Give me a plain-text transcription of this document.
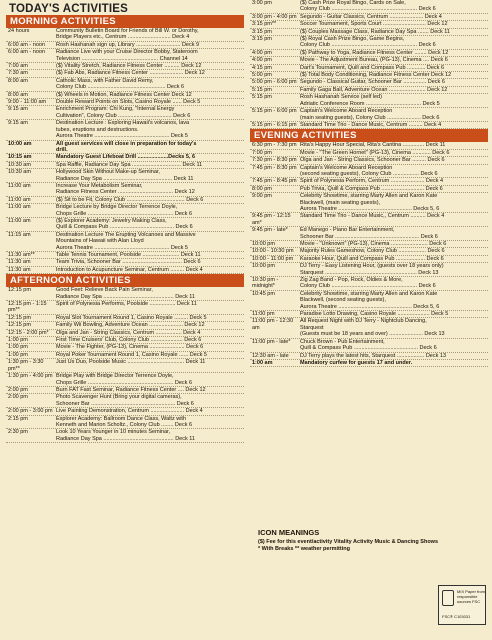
TODAY'S ACTIVITIES
MORNING ACTIVITIES
24 hours	Community Bulletin Board for Friends of Bill W. or Dorothy,
Bridge Players etc., Centrum ............................ Deck 4
6:00 am - noon	Rosh Hashanah sign up, Library ............................. Deck 9
6:00 am - noon	Radiance Live with your Cruise Director Bobby, Stateroom
Television .................................................. Channel 14
7:00 am	($) Vitality Stretch, Radiance Fitness Center .......... Deck 12
7:30 am	($) Fab Abs, Radiance Fitness Center ...................... Deck 12
8:00 am	Catholic Mass, with Father David Remy,
Colony Club ................................................... Deck 6
8:00 am	($) Wheels in Motion, Radiance Fitness Center Deck 12
9:00 - 11:00 am	Double Reward Points on Slots, Casino Royale ...... Deck 5
9:15 am	Enrichment Program: Chi Kung, "Internal Energy
Cultivation", Colony Club ................................... Deck 6
9:15 am	Destination Lecture : Exploring Hawaii's volcanos, lava
tubes, eruptions and destructions.
Aurora Theatre ................................................. Deck 5
10:00 am	All guest services will close in preparation for today's
drill.
10:15 am	Mandatory Guest Lifeboat Drill ....................Decks 5, 6
10:30 am	Spa Raffle, Radiance Day Spa ................................ Deck 11
10:30 am	Hollywood Skin Without Make-up Seminar,
Radiance Day Spa ............................................. Deck 11
11:00 am	Increase Your Metabolism Seminar,
Radiance Fitness Center .................................... Deck 12
11:00 am	($) Sit to be Fit, Colony Club ...................................... Deck 6
11:00 am	Bridge Lecture by Bridge Director Terrence Doyle,
Chops Grille ........................................................ Deck 6
11:00 am	($) Explorer Academy: Jewelry Making Class,
Quill & Compass Pub .......................................... Deck 6
11:15 am	Destination Lecture The Erupting Volcanoes and Massive
Mountains of Hawaii with Alan Lloyd
Aurora Theatre ................................................. Deck 5
11:30 am**	Table Tennis Tournament, Poolside ........................ Deck 11
11:30 am	Team Trivia, Schooner Bar ....................................... Deck 6
11:30 am	Introduction to Acupuncture Seminar, Centrum ......... Deck 4
AFTERNOON ACTIVITIES
12:15 pm	Good Feet: Relieve Back Pain Seminar,
Radiance Day Spa .............................................. Deck 11
12:15 pm - 1:15 pm**
Spirit of Polynesia Performs, Poolside ................. Deck 11
12:15 pm	Royal Slot Tournament Round 1, Casino Royale ......... Deck 5
12:15 pm	Family Wii Bowling, Adventure Ocean ...................... Deck 12
12:15 - 2:00 pm*	Olga and Jan - String Classics, Centrum ................. Deck 4
1:00 pm	First Time Cruisers' Club, Colony Club ..................... Deck 6
1:00 pm	Movie - The Fighter, (PG-13), Cinema ....................... Deck 6
1:00 pm	Royal Poker Tournament Round 1, Casino Royale ...... Deck 5
1:30 pm - 3:30 pm**
Just Us Duo, Poolside Music ..................................... Deck 11
1:30 pm - 4:00 pm Bridge Play with Bridge Director Terrence Doyle,
Chops Grille ........................................................ Deck 6
2:00 pm	Burn FAT Fast Seminar, Radiance Fitness Center .... Deck 12
2:00 pm	Photo Scavenger Hunt (Bring your digital cameras),
Schooner Bar ....................................................... Deck 6
2:00 pm - 3:00 pm Live Painting Demonstration, Centrum ...................... Deck 4
2:15 pm	Explorer Academy: Ballroom Dance Class, Waltz with
Kenneth and Marion Scholtz., Colony Club ........ Deck 6
2:30 pm	Look 10 Years Younger in 10 minutes Seminar,
Radiance Day Spa .............................................. Deck 11
3:00 pm	($) Cash Prize Royal Bingo, Cards on Sale,
Colony Club ........................................................ Deck 6
3:00 pm - 4:00 pm Segundo - Guitar Classics, Centrum ...................... Deck 4
3:15 pm**	Soccer Tournament, Sports Court ............................ Deck 12
3:15 pm	($) Couples Massage Class, Radiance Day Spa ....... Deck 11
3:15 pm	($) Royal Cash Prize Bingo, Game Begins,
Colony Club ........................................................ Deck 6
4:00 pm	($) Pathway to Yoga, Radiance Fitness Center ........ Deck 12
4:00 pm	Movie - The Adjustment Bureau, (PG-13), Cinema .... Deck 6
4:15 pm	Dart's Tournament, Quill and Compass Pub ............ Deck 6
5:00 pm	($) Total Body Conditioning, Radiance Fitness Center Deck 12
5:00 pm - 6:00 pm Segundo - Classical Guitar, Schooner Bar ............... Deck 6
5:15 pm	Family Gaga Ball, Adventure Ocean ........................ Deck 12
5:15 pm	Rosh Hashanah Service (self led)
Adriatic Conference Room .................................... Deck 5
5:15 pm - 6:00 pm Captain's Welcome Aboard Reception
(main seating guests), Colony Club ...................... Deck 6
5:15 pm - 6:15 pm Standard Time Trio - Dance Music, Centrum ......... Deck 4
EVENING ACTIVITIES
6:30 pm - 7:30 pm Rita's Happy Hour Special, Rita's Cantina .............. Deck 11
7:00 pm	Movie - "The Green Hornet" (PG-13), Cinema ............ Deck 6
7:30 pm - 8:30 pm Olga and Jan - String Classics, Schooner Bar ......... Deck 6
7:45 pm - 8:30 pm Captain's Welcome Aboard Reception
(second seating guests), Colony Club ................. Deck 6
7:45 pm - 8:45 pm Spirit of Polynesia Perform, Centrum ...................... Deck 4
8:00 pm	Pub Trivia, Quill & Compass Pub ............................ Deck 6
9:00 pm	Celebrity Showtime, starring Marty Allen and Karon Kate
Blackwell, (main seating guests),
Aurora Theatre ................................................ Decks 5, 6
9:45 pm - 12:15 am*
Standard Time Trio - Dance Music,, Centrum .......... Deck 4
9:45 pm - late*	Ed Manego - Piano Bar Entertainment,
Schooner Bar ....................................................... Deck 6
10:00 pm	Movie - "Unknown" (PG-13), Cinema ........................ Deck 6
10:00 - 10:30 pm	Majority Rules Gameshow, Colony Club .................. Deck 6
10:00 - 11:00 pm	Karaoke Hour, Quill and Compass Pub ................... Deck 6
10:00 pm	DJ Terry - Easy Listening Hour, (guests over 18 years only)
Starquest ............................................................ Deck 13
10:30 pm - midnight*
Zig Zag Band - Pop, Rock, Oldies & More,
Colony Club ........................................................ Deck 6
10:45 pm	Celebrity Showtime, starring Marty Allen and Karon Kate
Blackwell, (second seating guests),
Aurora Theatre ................................................ Decks 5, 6
11:00 pm	Paradise Lotto Drawing, Casino Royale ..................... Deck 5
11:00 pm - 12:30 am
All Request Night with DJ Terry - Nightclub Dancing,
Starquest
(Guests must be 18 years and over) ...................... Deck 13
11:00 pm - late*	Chuck Brown - Pub Entertainment,
Quill & Compass Pub .......................................... Deck 6
12:30 am - late	DJ Terry plays the latest hits, Starquest .................. Deck 13
1:00 am	Mandatory curfew for guests 17 and under.
ICON MEANINGS
($) Fee for this event/activity Vitality Activity Music & Dancing Shows
* With Breaks ** weather permitting
MIX Paper from responsible sources FSC
FSC® C103031
